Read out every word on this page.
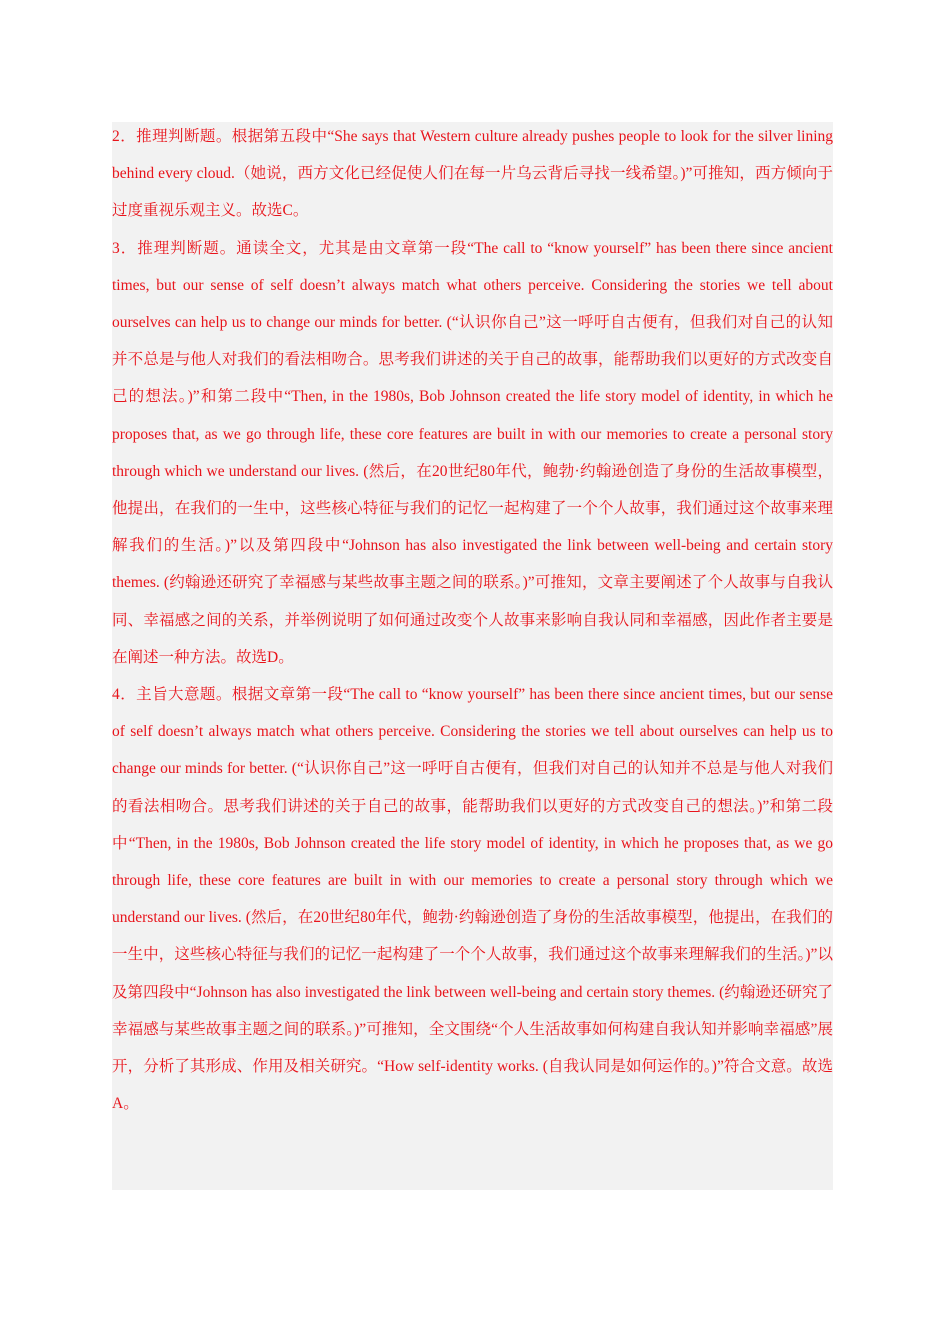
2．推理判断题。根据第五段中“She says that Western culture already pushes people to look for the silver lining behind every cloud.（她说，西方文化已经促使人们在每一片乌云背后寻找一线希望。)”可推知，西方倾向于过度重视乐观主义。故选C。

3．推理判断题。通读全文，尤其是由文章第一段“The call to “know yourself” has been there since ancient times, but our sense of self doesn’t always match what others perceive. Considering the stories we tell about ourselves can help us to change our minds for better. (“认识你自己”这一呼吁自古便有，但我们对自己的认知并不总是与他人对我们的看法相吻合。思考我们讲述的关于自己的故事，能帮助我们以更好的方式改变自己的想法。)”和第二段中“Then, in the 1980s, Bob Johnson created the life story model of identity, in which he proposes that, as we go through life, these core features are built in with our memories to create a personal story through which we understand our lives. (然后，在20世纪80年代，鲍勃·约翰逊创造了身份的生活故事模型，他提出，在我们的一生中，这些核心特征与我们的记忆一起构建了一个个人故事，我们通过这个故事来理解我们的生活。)”以及第四段中“Johnson has also investigated the link between well-being and certain story themes. (约翰逊还研究了幸福感与某些故事主题之间的联系。)”可推知，文章主要阐述了个人故事与自我认同、幸福感之间的关系，并举例说明了如何通过改变个人故事来影响自我认同和幸福感，因此作者主要是在阐述一种方法。故选D。

4．主旨大意题。根据文章第一段“The call to “know yourself” has been there since ancient times, but our sense of self doesn’t always match what others perceive. Considering the stories we tell about ourselves can help us to change our minds for better. (“认识你自己”这一呼吁自古便有，但我们对自己的认知并不总是与他人对我们的看法相吻合。思考我们讲述的关于自己的故事，能帮助我们以更好的方式改变自己的想法。)”和第二段中“Then, in the 1980s, Bob Johnson created the life story model of identity, in which he proposes that, as we go through life, these core features are built in with our memories to create a personal story through which we understand our lives. (然后，在20世纪80年代，鲍勃·约翰逊创造了身份的生活故事模型，他提出，在我们的一生中，这些核心特征与我们的记忆一起构建了一个个人故事，我们通过这个故事来理解我们的生活。)”以及第四段中“Johnson has also investigated the link between well-being and certain story themes. (约翰逊还研究了幸福感与某些故事主题之间的联系。)”可推知，全文围绕“个人生活故事如何构建自我认知并影响幸福感”展开，分析了其形成、作用及相关研究。“How self-identity works. (自我认同是如何运作的。)”符合文意。故选A。
